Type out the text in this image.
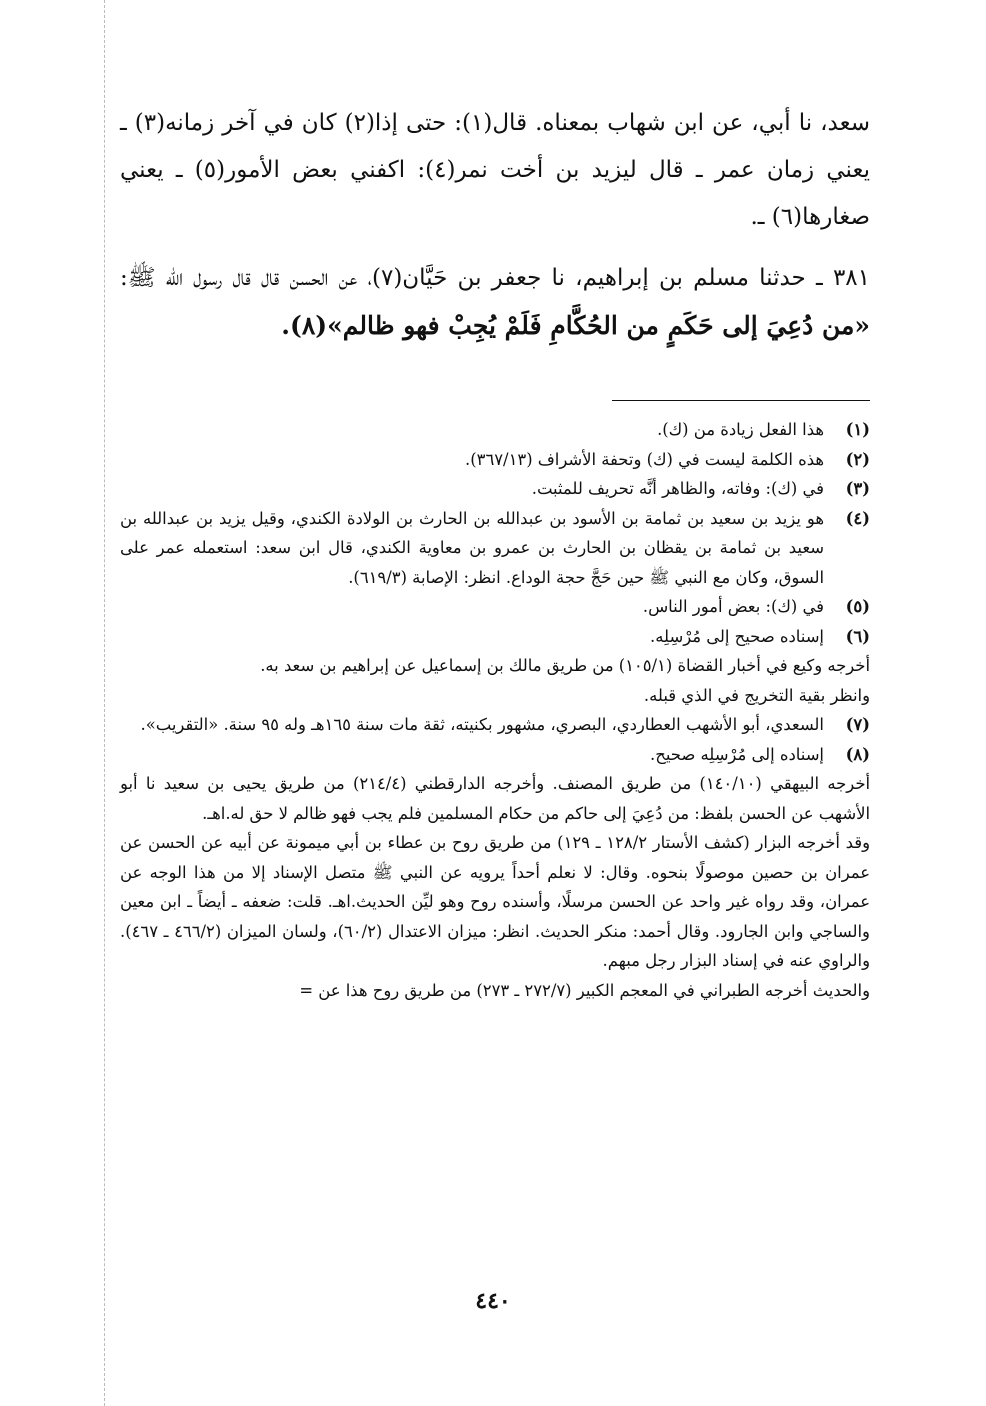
سعد، نا أبي، عن ابن شهاب بمعناه. قال(١): حتى إذا(٢) كان في آخر زمانه(٣) ـ يعني زمان عمر ـ قال ليزيد بن أخت نمر(٤): اكفني بعض الأمور(٥) ـ يعني صغارها(٦) ـ.

٣٨١ ـ حدثنا مسلم بن إبراهيم، نا جعفر بن حَيَّان(٧)، عن الحسن قال قال رسول الله ﷺ: «من دُعِيَ إلى حَكَمٍ من الحُكَّامِ فَلَمْ يُجِبْ فهو ظالم»(٨).

(١)

هذا الفعل زيادة من (ك).

(٢)

هذه الكلمة ليست في (ك) وتحفة الأشراف (٣٦٧/١٣).

(٣)

في (ك): وفاته، والظاهر أنَّه تحريف للمثبت.

(٤)

هو يزيد بن سعيد بن ثمامة بن الأسود بن عبدالله بن الحارث بن الولادة الكندي، وقيل يزيد بن عبدالله بن سعيد بن ثمامة بن يقظان بن الحارث بن عمرو بن معاوية الكندي، قال ابن سعد: استعمله عمر على السوق، وكان مع النبي ﷺ حين حَجَّ حجة الوداع. انظر: الإصابة (٦١٩/٣).

(٥)

في (ك): بعض أمور الناس.

(٦)

إسناده صحيح إلى مُرْسِلِه.

أخرجه وكيع في أخبار القضاة (١٠٥/١) من طريق مالك بن إسماعيل عن إبراهيم بن سعد به.

وانظر بقية التخريج في الذي قبله.

(٧)

السعدي، أبو الأشهب العطاردي، البصري، مشهور بكنيته، ثقة مات سنة ١٦٥هـ وله ٩٥ سنة. «التقريب».

(٨)

إسناده إلى مُرْسِلِه صحيح.

أخرجه البيهقي (١٤٠/١٠) من طريق المصنف. وأخرجه الدارقطني (٢١٤/٤) من طريق يحيى بن سعيد نا أبو الأشهب عن الحسن بلفظ: من دُعِيَ إلى حاكم من حكام المسلمين فلم يجب فهو ظالم لا حق له.اهـ.

وقد أخرجه البزار (كشف الأستار ١٢٨/٢ ـ ١٢٩) من طريق روح بن عطاء بن أبي ميمونة عن أبيه عن الحسن عن عمران بن حصين موصولًا بنحوه. وقال: لا نعلم أحداً يرويه عن النبي ﷺ متصل الإسناد إلا من هذا الوجه عن عمران، وقد رواه غير واحد عن الحسن مرسلًا، وأسنده روح وهو ليِّن الحديث.اهـ. قلت: ضعفه ـ أيضاً ـ ابن معين والساجي وابن الجارود. وقال أحمد: منكر الحديث. انظر: ميزان الاعتدال (٦٠/٢)، ولسان الميزان (٤٦٦/٢ ـ ٤٦٧). والراوي عنه في إسناد البزار رجل مبهم.

والحديث أخرجه الطبراني في المعجم الكبير (٢٧٢/٧ ـ ٢٧٣) من طريق روح هذا عن =

٤٤٠
